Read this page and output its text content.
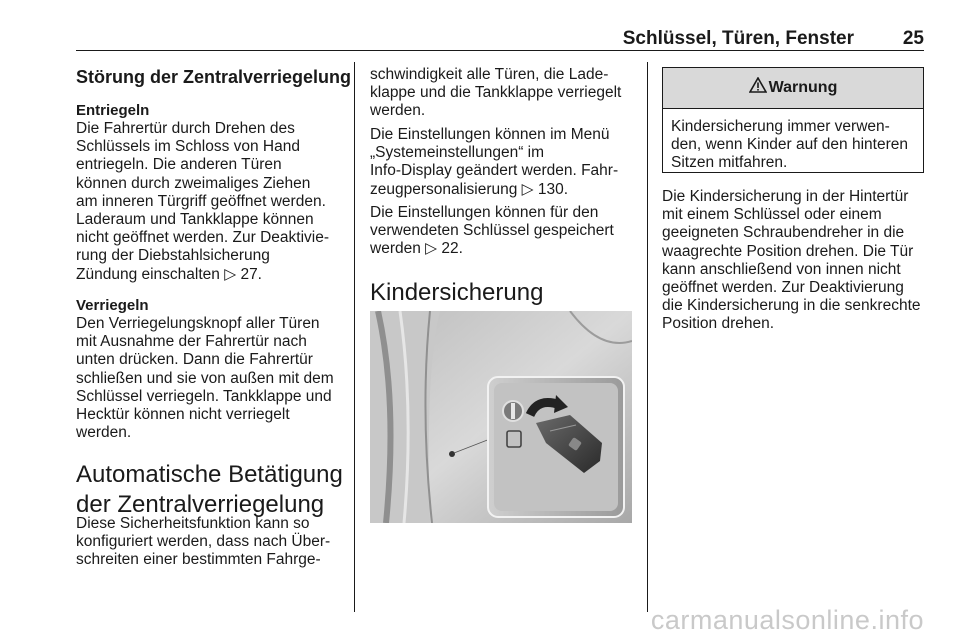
Schlüssel, Türen, Fenster	25
Störung der Zentralverriegelung
Entriegeln
Die Fahrertür durch Drehen des
Schlüssels im Schloss von Hand
entriegeln. Die anderen Türen
können durch zweimaliges Ziehen
am inneren Türgriff geöffnet werden.
Laderaum und Tankklappe können
nicht geöffnet werden. Zur Deaktivie-
rung der Diebstahlsicherung
Zündung einschalten ▷ 27.
Verriegeln
Den Verriegelungsknopf aller Türen
mit Ausnahme der Fahrertür nach
unten drücken. Dann die Fahrertür
schließen und sie von außen mit dem
Schlüssel verriegeln. Tankklappe und
Hecktür können nicht verriegelt
werden.
Automatische Betätigung
der Zentralverriegelung
Diese Sicherheitsfunktion kann so
konfiguriert werden, dass nach Über-
schreiten einer bestimmten Fahrge-
schwindigkeit alle Türen, die Lade-
klappe und die Tankklappe verriegelt
werden.
Die Einstellungen können im Menü
„Systemeinstellungen“ im
Info-Display geändert werden. Fahr-
zeugpersonalisierung ▷ 130.
Die Einstellungen können für den
verwendeten Schlüssel gespeichert
werden ▷ 22.
Kindersicherung
Warnung
Kindersicherung immer verwen-
den, wenn Kinder auf den hinteren
Sitzen mitfahren.
Die Kindersicherung in der Hintertür
mit einem Schlüssel oder einem
geeigneten Schraubendreher in die
waagrechte Position drehen. Die Tür
kann anschließend von innen nicht
geöffnet werden. Zur Deaktivierung
die Kindersicherung in die senkrechte
Position drehen.
carmanualsonline.info
